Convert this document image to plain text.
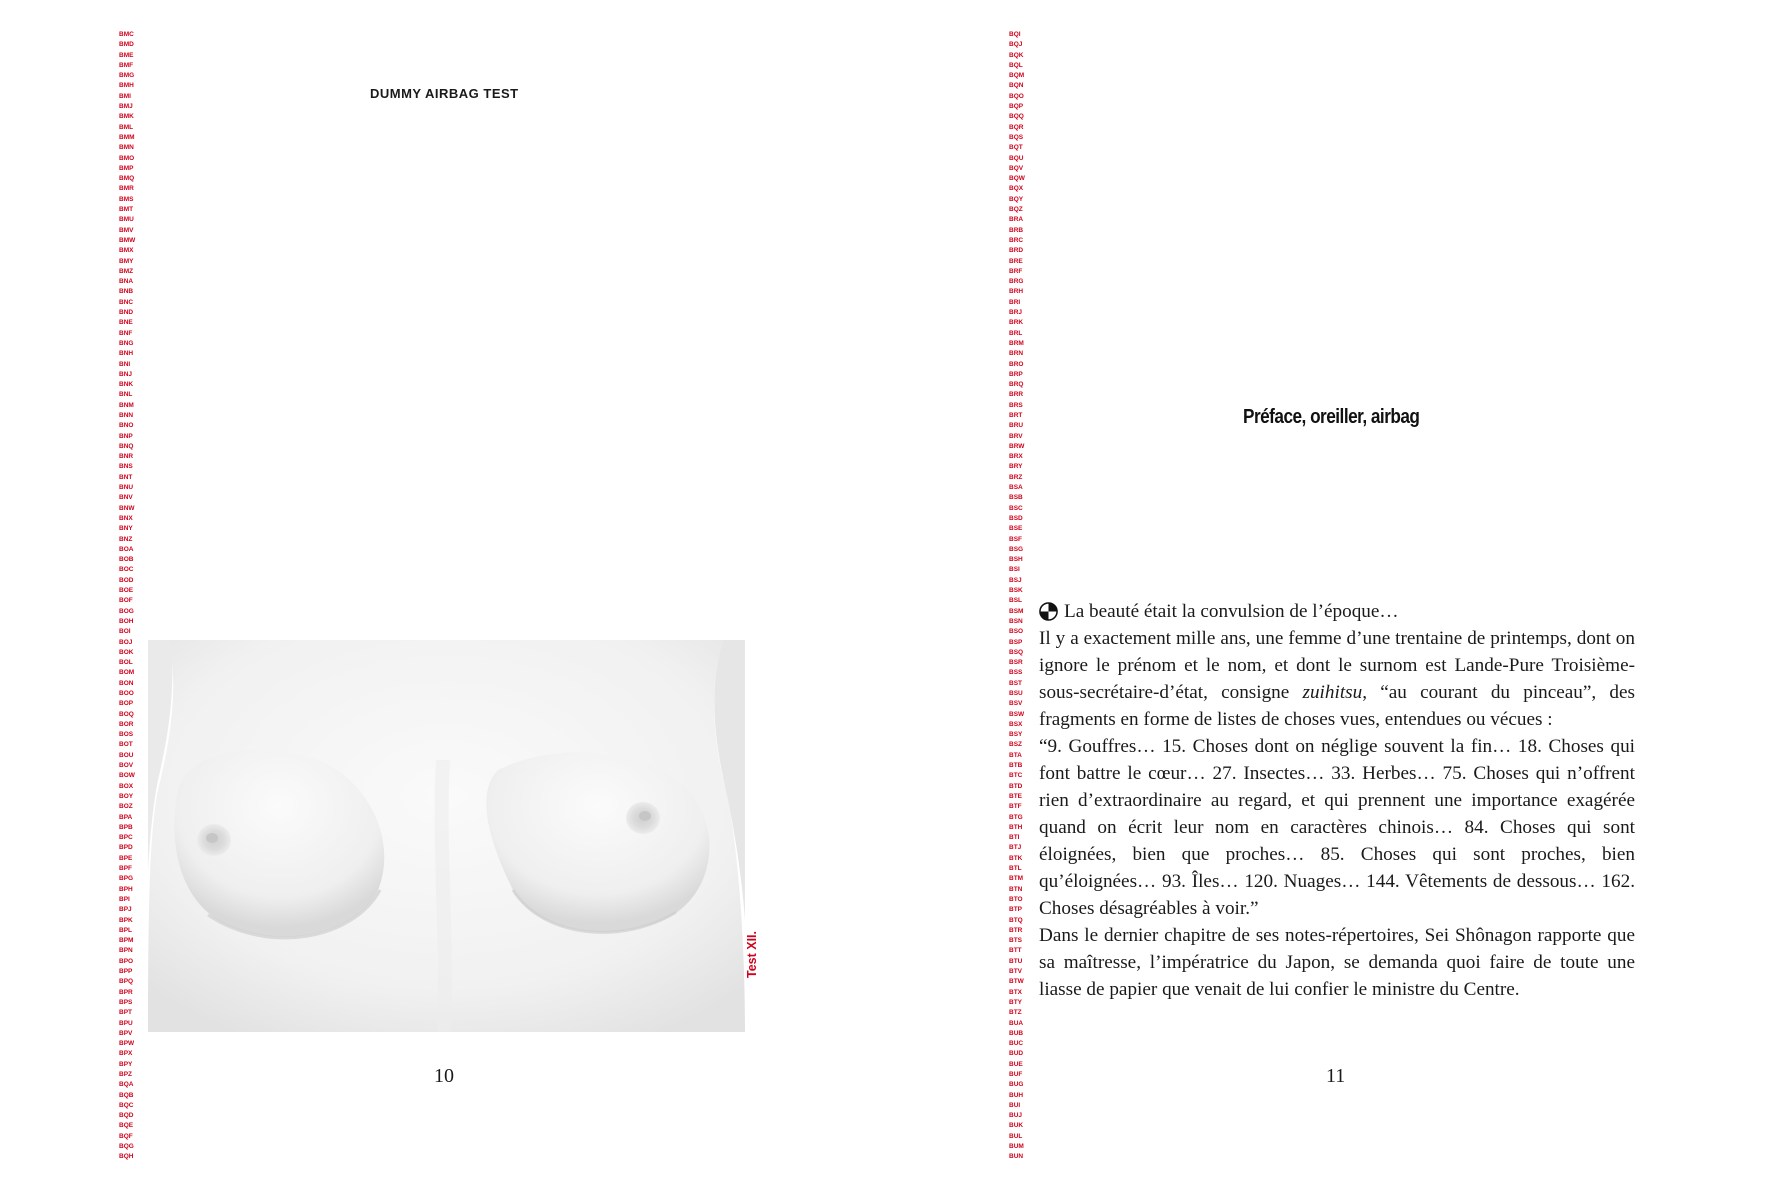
BMC
BMD
BME
BMF
BMG
BMH
BMI
BMJ
BMK
BML
BMM
BMN
BMO
BMP
BMQ
BMR
BMS
BMT
BMU
BMV
BMW
BMX
BMY
BMZ
BNA
BNB
BNC
BND
BNE
BNF
BNG
BNH
BNI
BNJ
BNK
BNL
BNM
BNN
BNO
BNP
BNQ
BNR
BNS
BNT
BNU
BNV
BNW
BNX
BNY
BNZ
BOA
BOB
BOC
BOD
BOE
BOF
BOG
BOH
BOI
BOJ
BOK
BOL
BOM
BON
BOO
BOP
BOQ
BOR
BOS
BOT
BOU
BOV
BOW
BOX
BOY
BOZ
BPA
BPB
BPC
BPD
BPE
BPF
BPG
BPH
BPI
BPJ
BPK
BPL
BPM
BPN
BPO
BPP
BPQ
BPR
BPS
BPT
BPU
BPV
BPW
BPX
BPY
BPZ
BQA
BQB
BQC
BQD
BQE
BQF
BQG
BQH
DUMMY AIRBAG TEST
Test XII.
10
BQI
BQJ
BQK
BQL
BQM
BQN
BQO
BQP
BQQ
BQR
BQS
BQT
BQU
BQV
BQW
BQX
BQY
BQZ
BRA
BRB
BRC
BRD
BRE
BRF
BRG
BRH
BRI
BRJ
BRK
BRL
BRM
BRN
BRO
BRP
BRQ
BRR
BRS
BRT
BRU
BRV
BRW
BRX
BRY
BRZ
BSA
BSB
BSC
BSD
BSE
BSF
BSG
BSH
BSI
BSJ
BSK
BSL
BSM
BSN
BSO
BSP
BSQ
BSR
BSS
BST
BSU
BSV
BSW
BSX
BSY
BSZ
BTA
BTB
BTC
BTD
BTE
BTF
BTG
BTH
BTI
BTJ
BTK
BTL
BTM
BTN
BTO
BTP
BTQ
BTR
BTS
BTT
BTU
BTV
BTW
BTX
BTY
BTZ
BUA
BUB
BUC
BUD
BUE
BUF
BUG
BUH
BUI
BUJ
BUK
BUL
BUM
BUN
Préface, oreiller, airbag

La beauté était la convulsion de l’époque…

Il y a exactement mille ans, une femme d’une trentaine de printemps, dont on ignore le prénom et le nom, et dont le surnom est Lande-Pure Troisième-sous-secrétaire-d’état, consigne zuihitsu, “au courant du pinceau”, des fragments en forme de listes de choses vues, entendues ou vécues :

“9. Gouffres… 15. Choses dont on néglige souvent la fin… 18. Choses qui font battre le cœur… 27. Insectes… 33. Herbes… 75. Choses qui n’offrent rien d’extraordinaire au regard, et qui prennent une importance exagérée quand on écrit leur nom en caractères chinois… 84. Choses qui sont éloignées, bien que proches… 85. Choses qui sont proches, bien qu’éloignées… 93. Îles… 120. Nuages… 144. Vêtements de dessous… 162. Choses désagréables à voir.”

Dans le dernier chapitre de ses notes-répertoires, Sei Shônagon rapporte que sa maîtresse, l’impératrice du Japon, se demanda quoi faire de toute une liasse de papier que venait de lui confier le ministre du Centre.

11
